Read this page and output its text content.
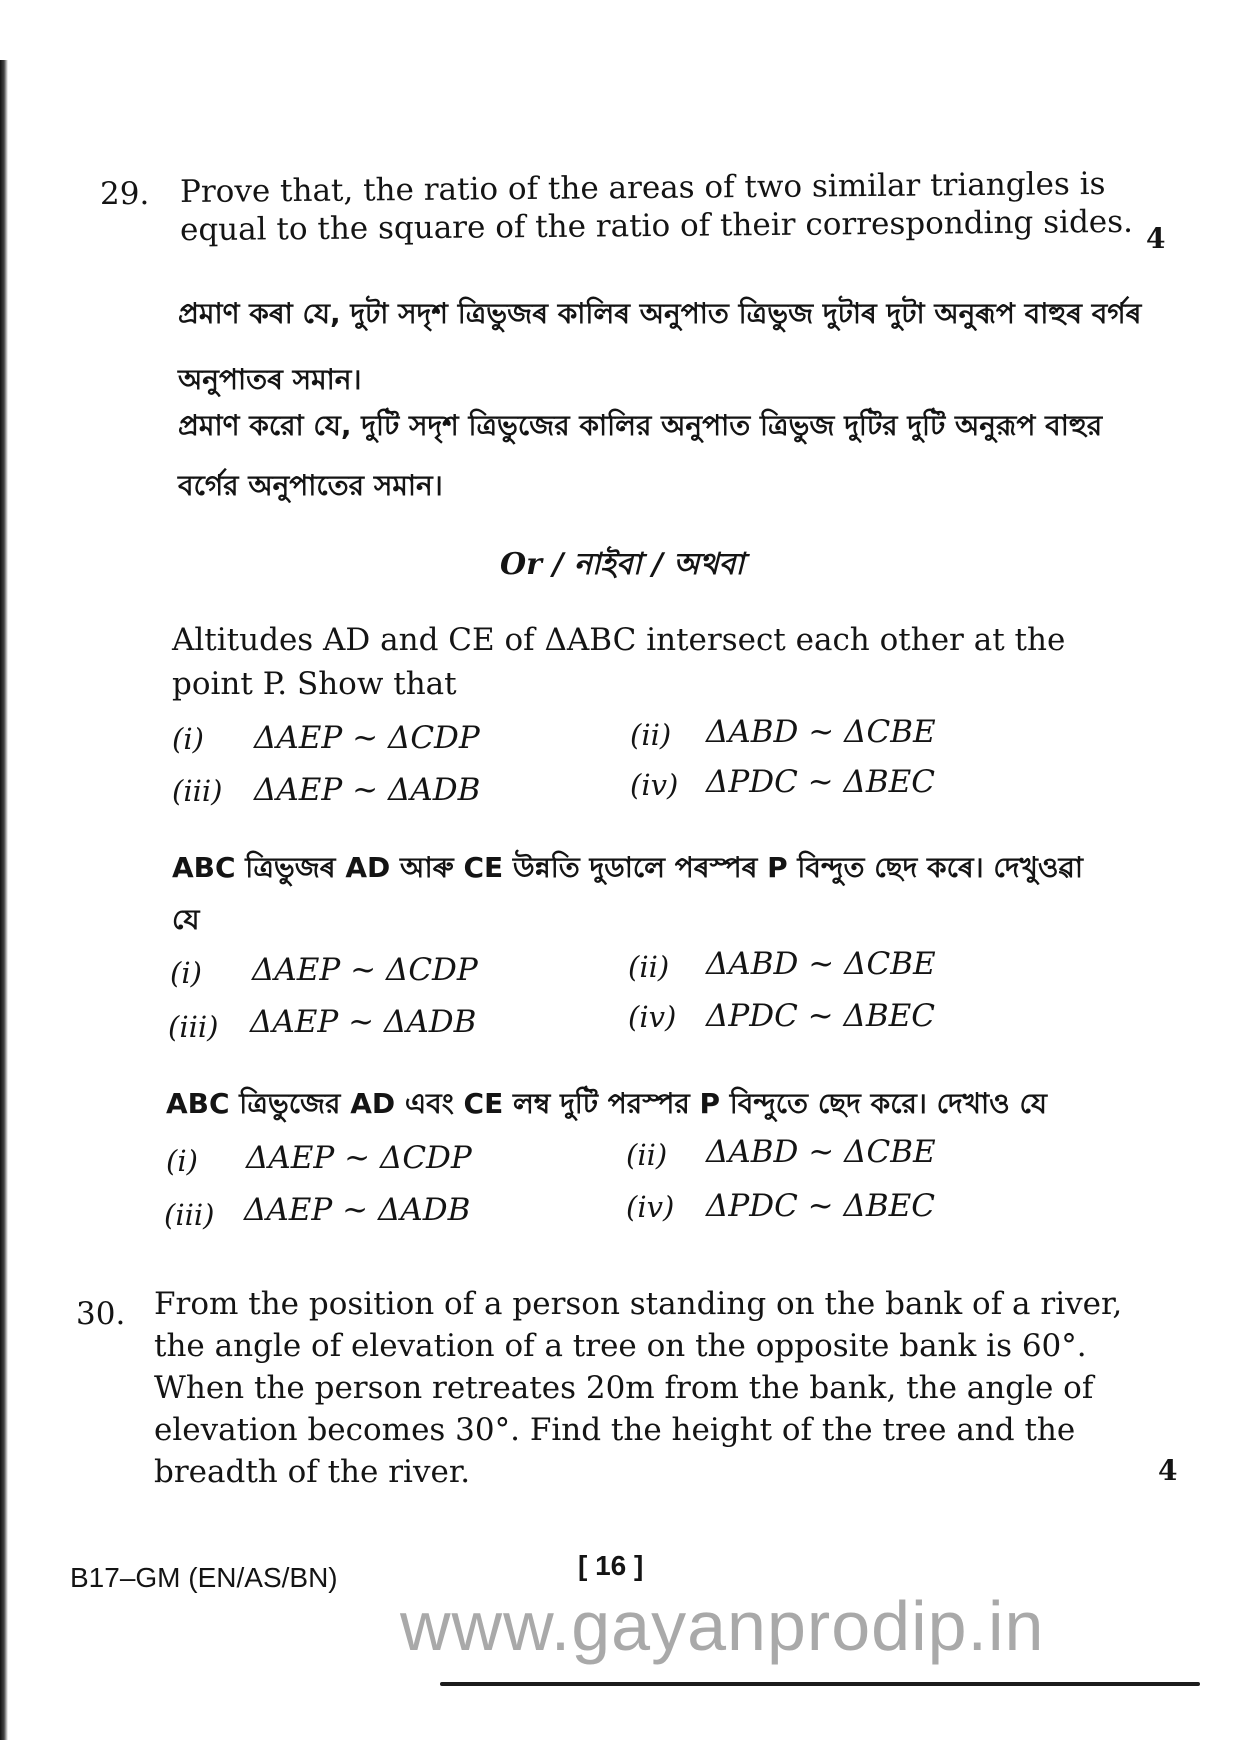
29. Prove that, the ratio of the areas of two similar triangles is
equal to the square of the ratio of their corresponding sides. 4
প্ৰমাণ কৰা যে, দুটা সদৃশ ত্ৰিভুজৰ কালিৰ অনুপাত ত্ৰিভুজ দুটাৰ দুটা অনুৰূপ বাহুৰ বৰ্গৰ
অনুপাতৰ সমান।
প্রমাণ করো যে, দুটি সদৃশ ত্রিভুজের কালির অনুপাত ত্রিভুজ দুটির দুটি অনুরূপ বাহুর
বর্গের অনুপাতের সমান।
Or / নাইবা / অথবা
Altitudes AD and CE of ΔABC intersect each other at the
point P. Show that
(i) ΔAEP ~ ΔCDP	(ii) ΔABD ~ ΔCBE
(iii) ΔAEP ~ ΔADB	(iv) ΔPDC ~ ΔBEC
ABC ত্ৰিভুজৰ AD আৰু CE উন্নতি দুডালে পৰস্পৰ P বিন্দুত ছেদ কৰে। দেখুওৱা
যে
(i) ΔAEP ~ ΔCDP	(ii) ΔABD ~ ΔCBE
(iii) ΔAEP ~ ΔADB	(iv) ΔPDC ~ ΔBEC
ABC ত্রিভুজের AD এবং CE লম্ব দুটি পরস্পর P বিন্দুতে ছেদ করে। দেখাও যে
(i) ΔAEP ~ ΔCDP	(ii) ΔABD ~ ΔCBE
(iii) ΔAEP ~ ΔADB	(iv) ΔPDC ~ ΔBEC
30. From the position of a person standing on the bank of a river,
the angle of elevation of a tree on the opposite bank is 60°.
When the person retreates 20m from the bank, the angle of
elevation becomes 30°. Find the height of the tree and the
breadth of the river.	4
B17–GM (EN/AS/BN)	[ 16 ]
www.gayanprodip.in
